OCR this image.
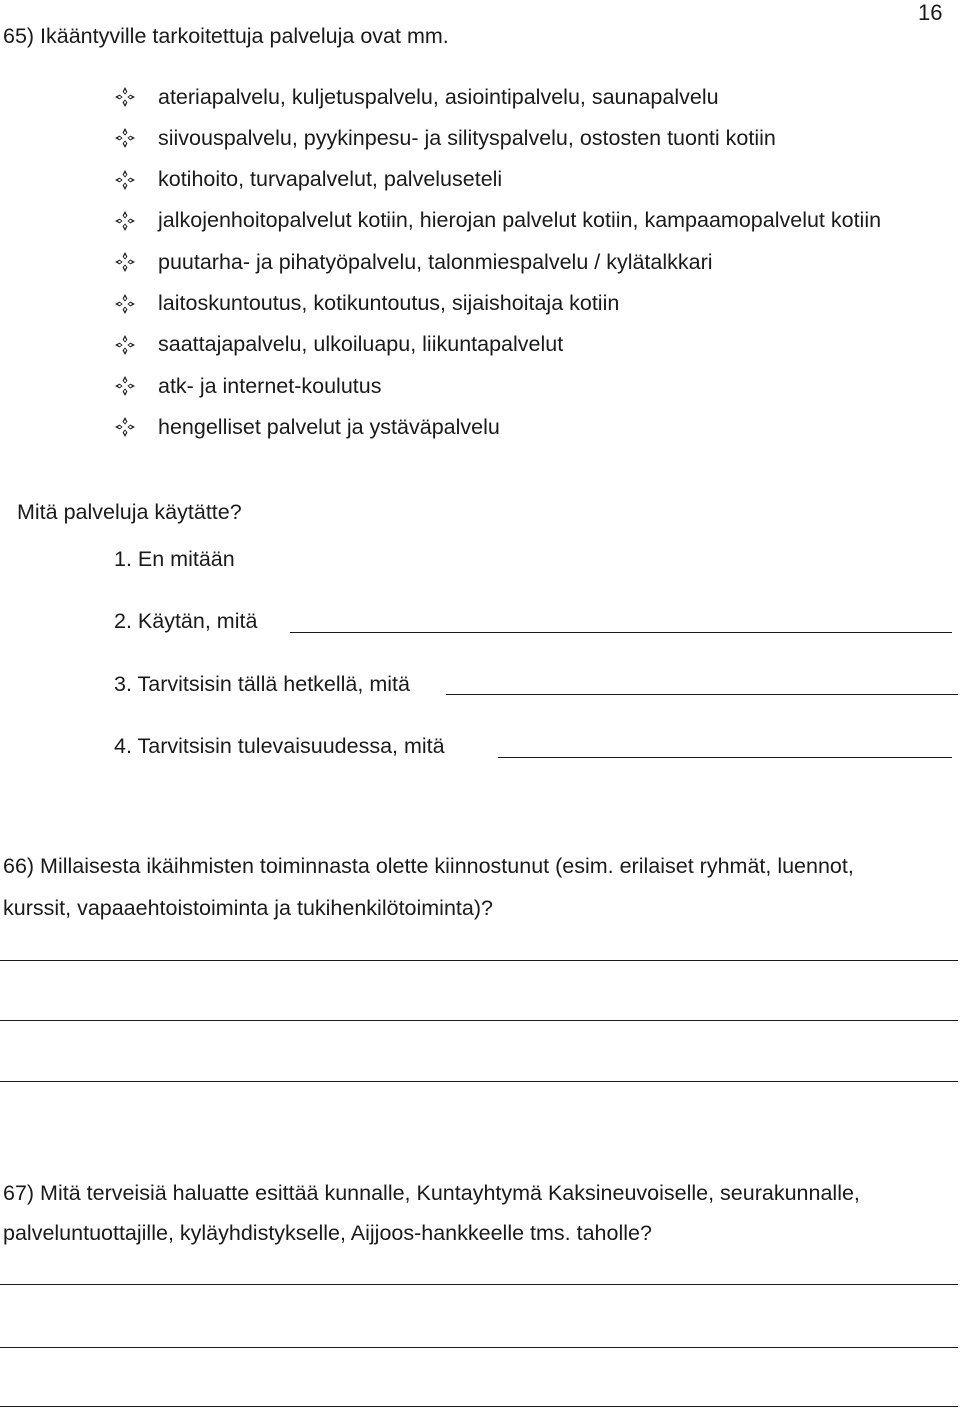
16
65) Ikääntyville tarkoitettuja palveluja ovat mm.
ateriapalvelu, kuljetuspalvelu, asiointipalvelu, saunapalvelu
siivouspalvelu, pyykinpesu- ja silityspalvelu, ostosten tuonti kotiin
kotihoito, turvapalvelut, palveluseteli
jalkojenhoitopalvelut kotiin, hierojan palvelut kotiin, kampaamopalvelut kotiin
puutarha- ja pihatyöpalvelu, talonmiespalvelu / kylätalkkari
laitoskuntoutus, kotikuntoutus, sijaishoitaja kotiin
saattajapalvelu, ulkoiluapu, liikuntapalvelut
atk- ja internet-koulutus
hengelliset palvelut ja ystäväpalvelu
Mitä palveluja käytätte?
1. En mitään
2. Käytän, mitä
3. Tarvitsisin tällä hetkellä, mitä
4. Tarvitsisin tulevaisuudessa, mitä
66) Millaisesta ikäihmisten toiminnasta olette kiinnostunut (esim. erilaiset ryhmät, luennot,
kurssit, vapaaehtoistoiminta ja tukihenkilötoiminta)?
67) Mitä terveisiä haluatte esittää kunnalle, Kuntayhtymä Kaksineuvoiselle, seurakunnalle,
palveluntuottajille, kyläyhdistykselle, Aijjoos-hankkeelle tms. taholle?
